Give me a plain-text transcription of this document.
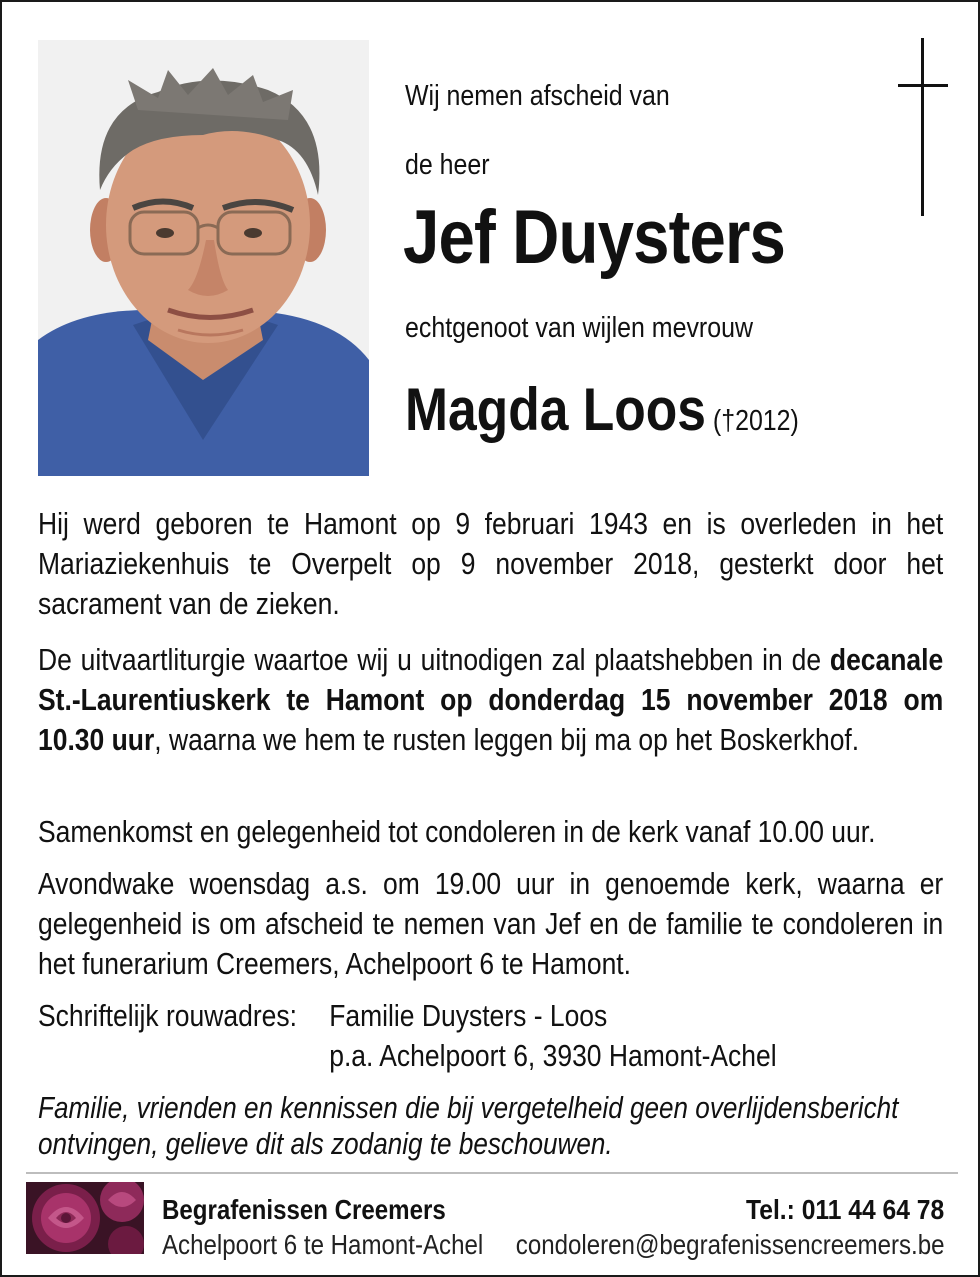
Wij nemen afscheid van
de heer
Jef Duysters
echtgenoot van wijlen mevrouw
Magda Loos (†2012)
Hij werd geboren te Hamont op 9 februari 1943 en is overleden in het Mariaziekenhuis te Overpelt op 9 november 2018, gesterkt door het sacrament van de zieken.
De uitvaartliturgie waartoe wij u uitnodigen zal plaatshebben in de decanale St.-Laurentiuskerk te Hamont op donderdag 15 november 2018 om 10.30 uur, waarna we hem te rusten leggen bij ma op het Boskerkhof.
Samenkomst en gelegenheid tot condoleren in de kerk vanaf 10.00 uur.
Avondwake woensdag a.s. om 19.00 uur in genoemde kerk, waarna er gelegenheid is om afscheid te nemen van Jef en de familie te condoleren in het funerarium Creemers, Achelpoort 6 te Hamont.
Schriftelijk rouwadres: Familie Duysters - Loos
p.a. Achelpoort 6, 3930 Hamont-Achel
Familie, vrienden en kennissen die bij vergetelheid geen overlijdensbericht ontvingen, gelieve dit als zodanig te beschouwen.
Begrafenissen Creemers
Achelpoort 6 te Hamont-Achel
Tel.: 011 44 64 78
condoleren@begrafenissencreemers.be
